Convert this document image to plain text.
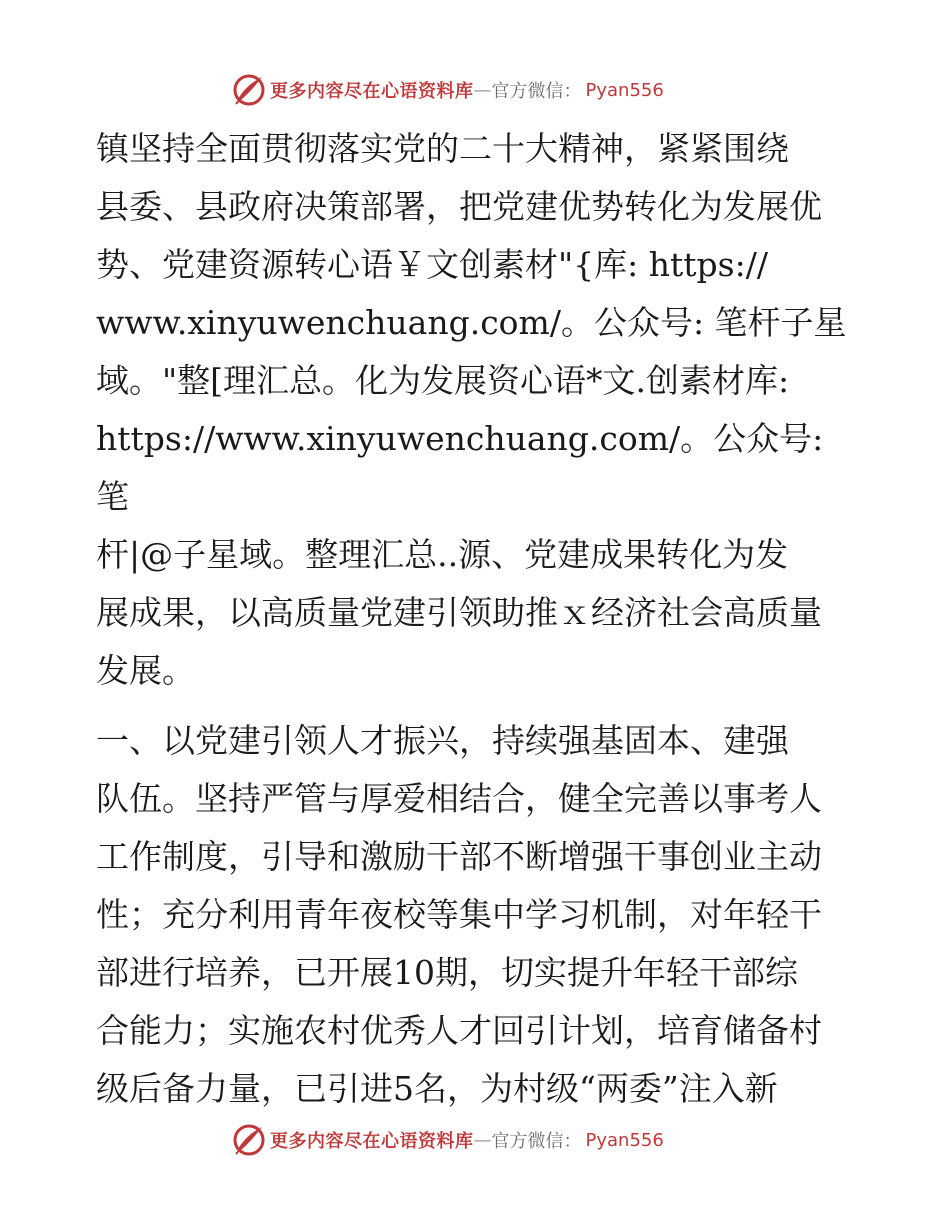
更多内容尽在心语资料库 — 官方微信： Pyan556

镇坚持全面贯彻落实党的二十大精神，紧紧围绕
县委、县政府决策部署，把党建优势转化为发展优
势、党建资源转心语￥文创素材"{库: https://
www.xinyuwenchuang.com/。公众号: 笔杆子星
域。"整[理汇总。化为发展资心语*文.创素材库:
https://www.xinyuwenchuang.com/。公众号: 笔
杆|@子星域。整理汇总..源、党建成果转化为发
展成果，以高质量党建引领助推ｘ经济社会高质量
发展。

一、以党建引领人才振兴，持续强基固本、建强
队伍。坚持严管与厚爱相结合，健全完善以事考人
工作制度，引导和激励干部不断增强干事创业主动
性；充分利用青年夜校等集中学习机制，对年轻干
部进行培养，已开展10期，切实提升年轻干部综
合能力；实施农村优秀人才回引计划，培育储备村
级后备力量，已引进5名，为村级“两委”注入新

更多内容尽在心语资料库 — 官方微信： Pyan556
